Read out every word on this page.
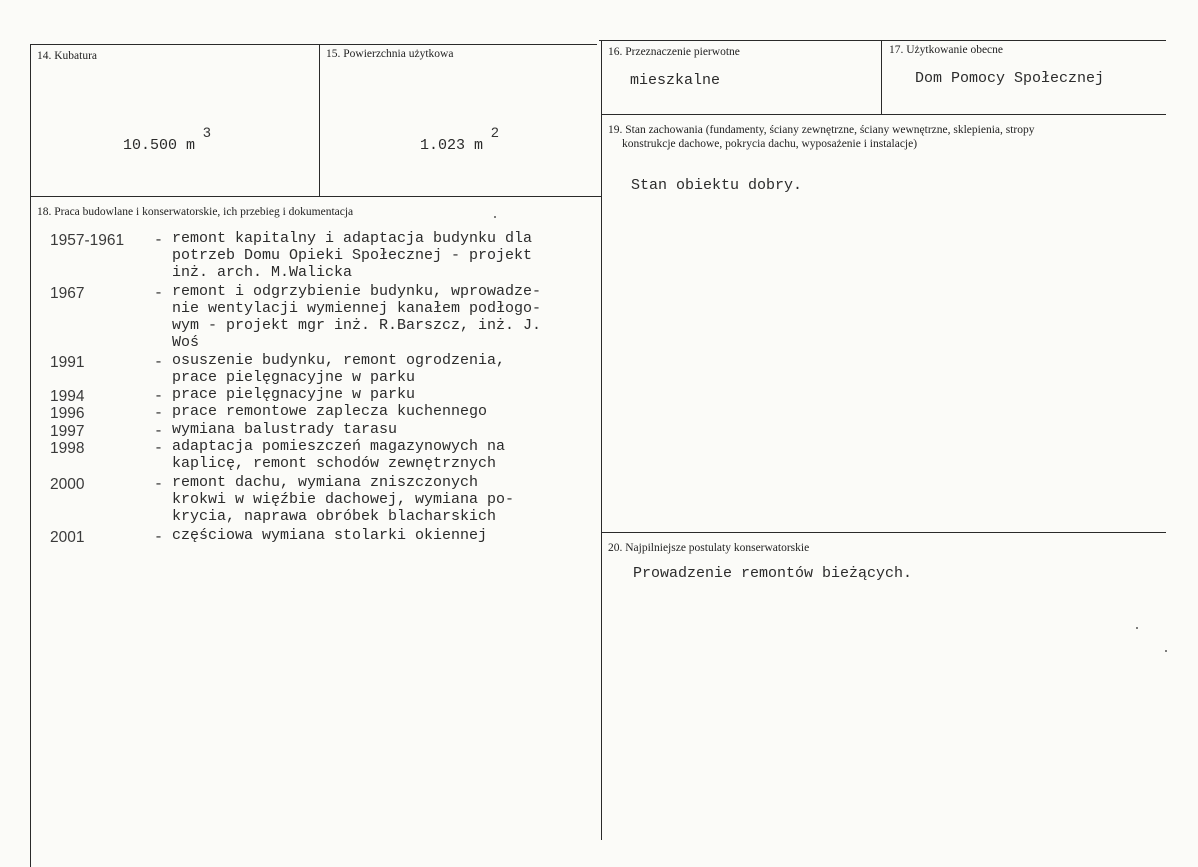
14. Kubatura
10.500 m
3
15. Powierzchnia użytkowa
1.023 m
2
16. Przeznaczenie pierwotne
mieszkalne
17. Użytkowanie obecne
Dom Pomocy Społecznej
19. Stan zachowania (fundamenty, ściany zewnętrzne, ściany wewnętrzne, sklepienia, stropy
konstrukcje dachowe, pokrycia dachu, wyposażenie i instalacje)
Stan obiektu dobry.
18. Praca budowlane i konserwatorskie, ich przebieg i dokumentacja
1957-1961 - remont kapitalny i adaptacja budynku dla
potrzeb Domu Opieki Społecznej - projekt
inż. arch. M.Walicka
1967	- remont i odgrzybienie budynku, wprowadze-
nie wentylacji wymiennej kanałem podłogo-
wym - projekt mgr inż. R.Barszcz, inż. J.
Woś
1991	- osuszenie budynku, remont ogrodzenia,
prace pielęgnacyjne w parku
1994	- prace pielęgnacyjne w parku
1996	- prace remontowe zaplecza kuchennego
1997	- wymiana balustrady tarasu
1998	- adaptacja pomieszczeń magazynowych na
kaplicę, remont schodów zewnętrznych
2000	- remont dachu, wymiana zniszczonych
krokwi w więźbie dachowej, wymiana po-
krycia, naprawa obróbek blacharskich
2001	- częściowa wymiana stolarki okiennej
20. Najpilniejsze postulaty konserwatorskie
Prowadzenie remontów bieżących.
